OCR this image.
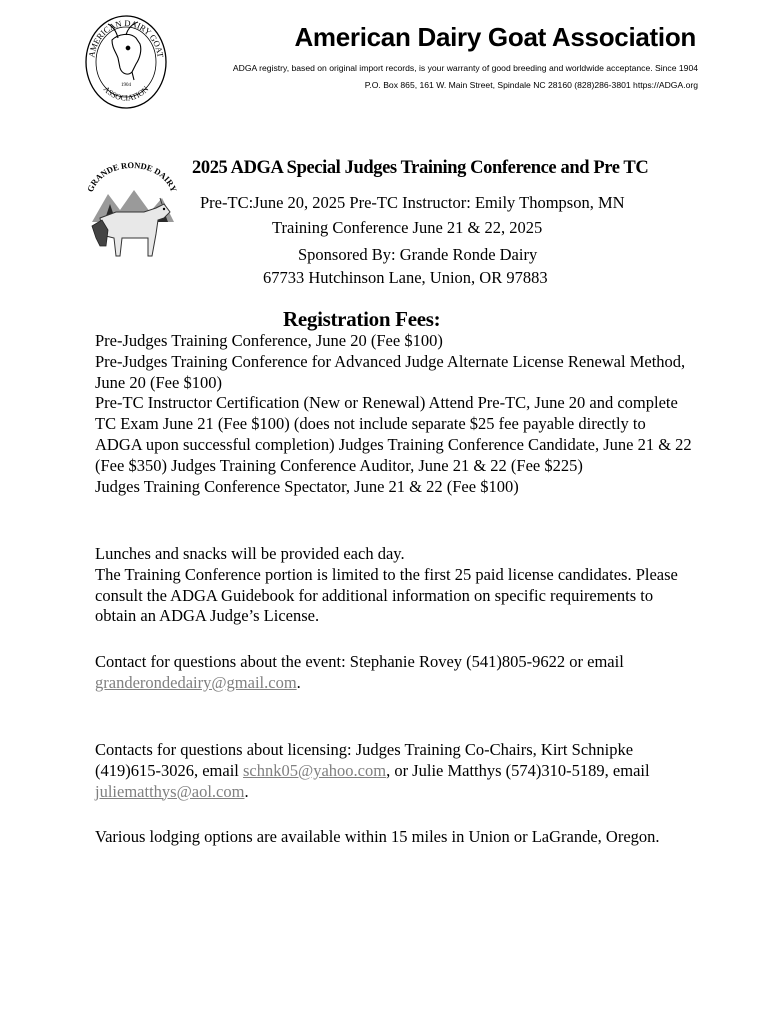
AMERICAN DAIRY GOAT
ASSOCIATION
1904
American Dairy Goat Association
ADGA registry, based on original import records, is your warranty of good breeding and worldwide acceptance. Since 1904
P.O. Box 865, 161 W. Main Street, Spindale NC 28160 (828)286-3801 https://ADGA.org
GRANDE RONDE DAIRY
2025 ADGA Special Judges Training Conference and Pre TC
Pre-TC:June 20, 2025 Pre-TC Instructor: Emily Thompson, MN
Training Conference June 21 & 22, 2025
Sponsored By: Grande Ronde Dairy
67733 Hutchinson Lane, Union, OR 97883
Registration Fees:

Pre-Judges Training Conference, June 20 (Fee $100)

Pre-Judges Training Conference for Advanced Judge Alternate License Renewal Method, June 20 (Fee $100)

Pre-TC Instructor Certification (New or Renewal) Attend Pre-TC, June 20 and complete TC Exam June 21 (Fee $100) (does not include separate $25 fee payable directly to ADGA upon successful completion) Judges Training Conference Candidate, June 21 & 22 (Fee $350) Judges Training Conference Auditor, June 21 & 22 (Fee $225)

Judges Training Conference Spectator, June 21 & 22 (Fee $100)

Lunches and snacks will be provided each day.

The Training Conference portion is limited to the first 25 paid license candidates. Please consult the ADGA Guidebook for additional information on specific requirements to obtain an ADGA Judge’s License.

Contact for questions about the event: Stephanie Rovey (541)805-9622 or email granderondedairy@gmail.com.
Contacts for questions about licensing: Judges Training Co-Chairs, Kirt Schnipke (419)615-3026, email schnk05@yahoo.com, or Julie Matthys (574)310-5189, email juliematthys@aol.com.
Various lodging options are available within 15 miles in Union or LaGrande, Oregon.
